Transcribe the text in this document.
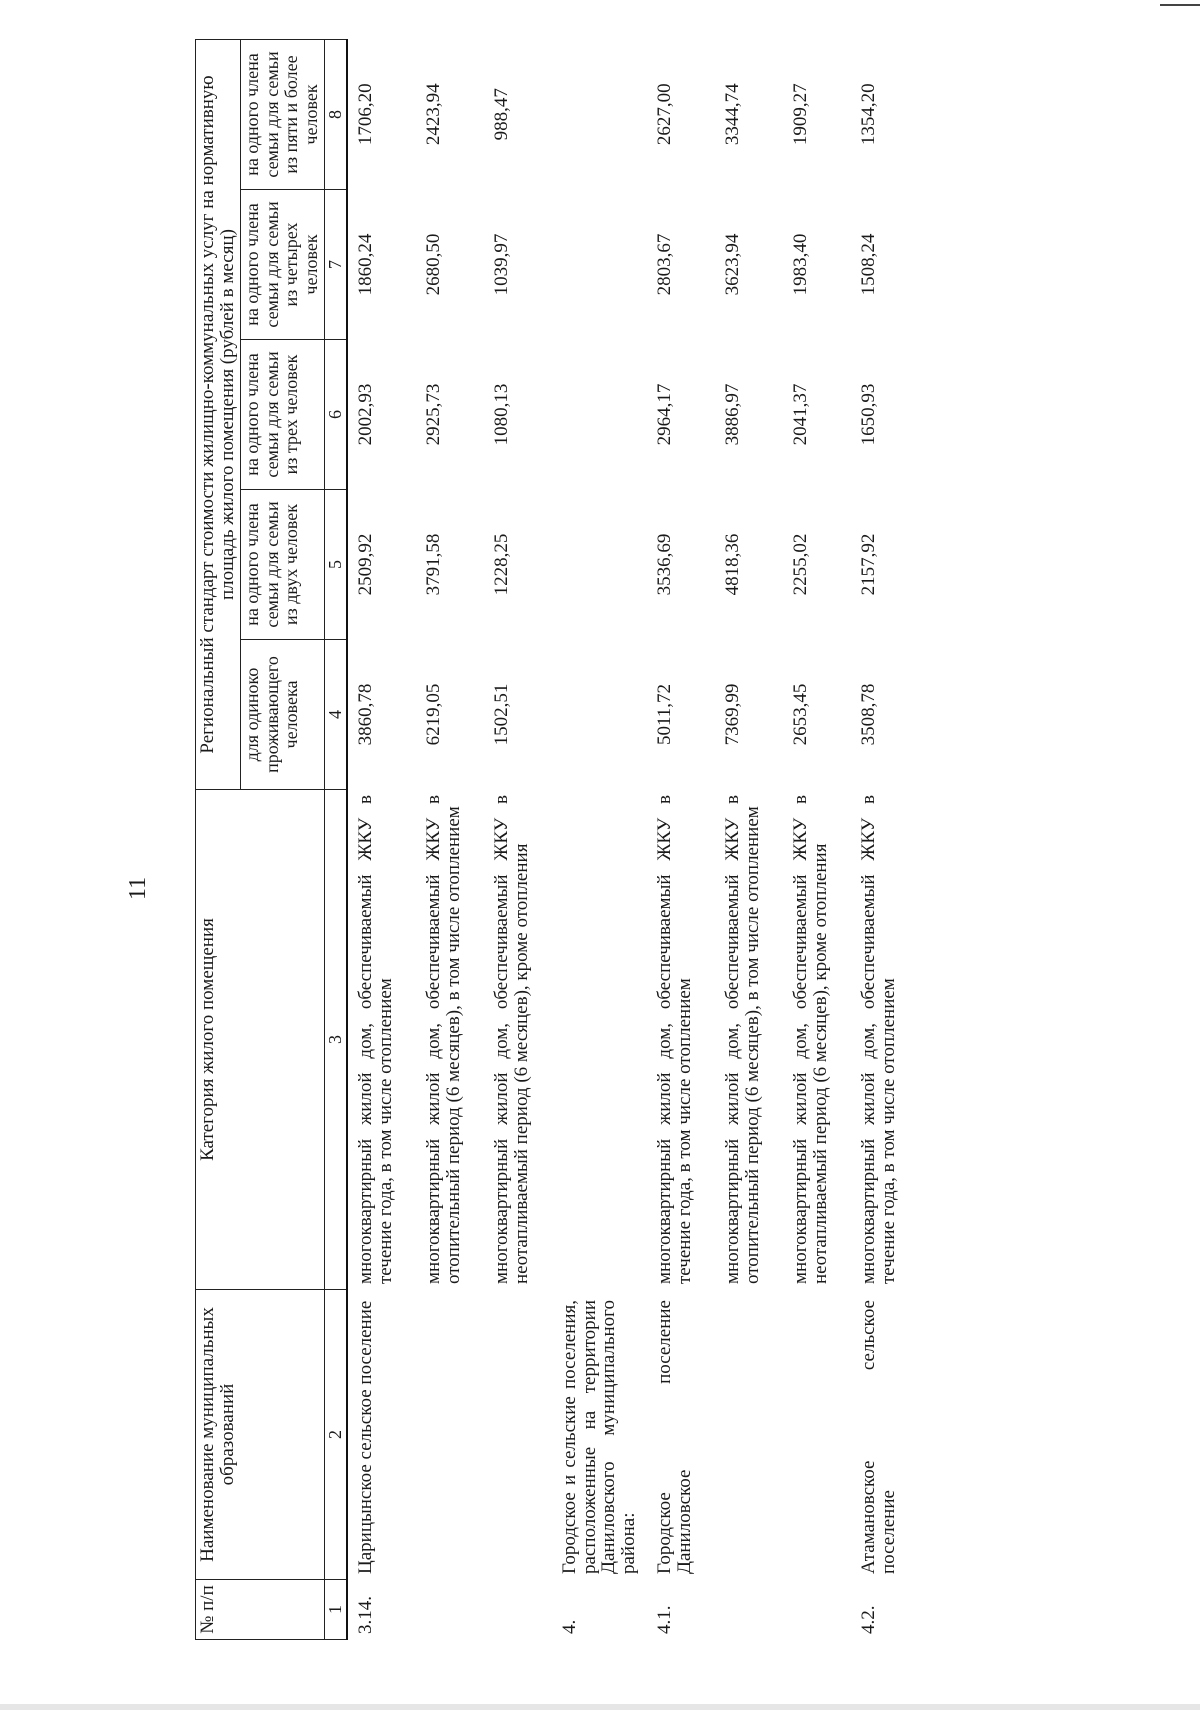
11
№ п/п	Наименование муниципальных образований	Категория жилого помещения	Региональный стандарт стоимости жилищно-коммунальных услуг на нормативную площадь жилого помещения (рублей в месяц)				
			для одиноко проживающего человека	на одного члена семьи для семьи из двух человек	на одного члена семьи для семьи из трех человек	на одного члена семьи для семьи из четырех человек	на одного члена семьи для семьи из пяти и более человек
1	2	3	4	5	6	7	8
3.14.	Царицынское сельское поселение	многоквартирный жилой дом, обеспечиваемый ЖКУ в течение года, в том числе отоплением	3860,78	2509,92	2002,93	1860,24	1706,20
		многоквартирный жилой дом, обеспечиваемый ЖКУ в отопительный период (6 месяцев), в том числе отоплением	6219,05	3791,58	2925,73	2680,50	2423,94
		многоквартирный жилой дом, обеспечиваемый ЖКУ в неотапливаемый период (6 месяцев), кроме отопления	1502,51	1228,25	1080,13	1039,97	988,47
4.	Городское и сельские поселения, расположенные на территории Даниловского муниципального района:						
4.1.	Городское поселение Даниловское	многоквартирный жилой дом, обеспечиваемый ЖКУ в течение года, в том числе отоплением	5011,72	3536,69	2964,17	2803,67	2627,00
		многоквартирный жилой дом, обеспечиваемый ЖКУ в отопительный период (6 месяцев), в том числе отоплением	7369,99	4818,36	3886,97	3623,94	3344,74
		многоквартирный жилой дом, обеспечиваемый ЖКУ в неотапливаемый период (6 месяцев), кроме отопления	2653,45	2255,02	2041,37	1983,40	1909,27
4.2.	Атамановское сельское поселение	многоквартирный жилой дом, обеспечиваемый ЖКУ в течение года, в том числе отоплением	3508,78	2157,92	1650,93	1508,24	1354,20
